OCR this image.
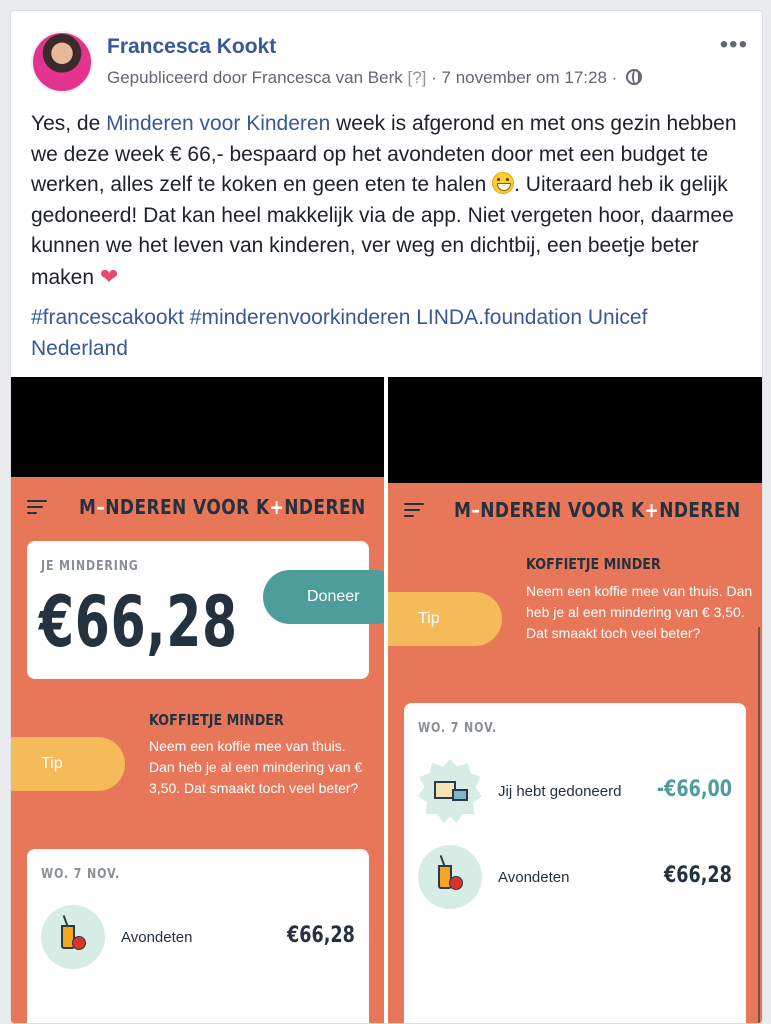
Francesca Kookt
Gepubliceerd door Francesca van Berk [?] · 7 november om 17:28 ·
•••
Yes, de Minderen voor Kinderen week is afgerond en met ons gezin hebben we deze week € 66,- bespaard op het avondeten door met een budget te werken, alles zelf te koken en geen eten te halen . Uiteraard heb ik gelijk gedoneerd! Dat kan heel makkelijk via de app. Niet vergeten hoor, daarmee kunnen we het leven van kinderen, ver weg en dichtbij, een beetje beter maken ❤
#francescakookt #minderenvoorkinderen LINDA.foundation Unicef Nederland
M–NDEREN VOOR K+NDEREN
JE MINDERING
€66,28	Doneer
KOFFIETJE MINDER
Neem een koffie mee van thuis. Dan heb je al een mindering van € 3,50. Dat smaakt toch veel beter?
Tip
WO. 7 NOV.
Avondeten	€66,28
M–NDEREN VOOR K+NDEREN
KOFFIETJE MINDER
Neem een koffie mee van thuis. Dan heb je al een mindering van € 3,50. Dat smaakt toch veel beter?
Tip
WO. 7 NOV.
Jij hebt gedoneerd -€66,00
Avondeten	€66,28
